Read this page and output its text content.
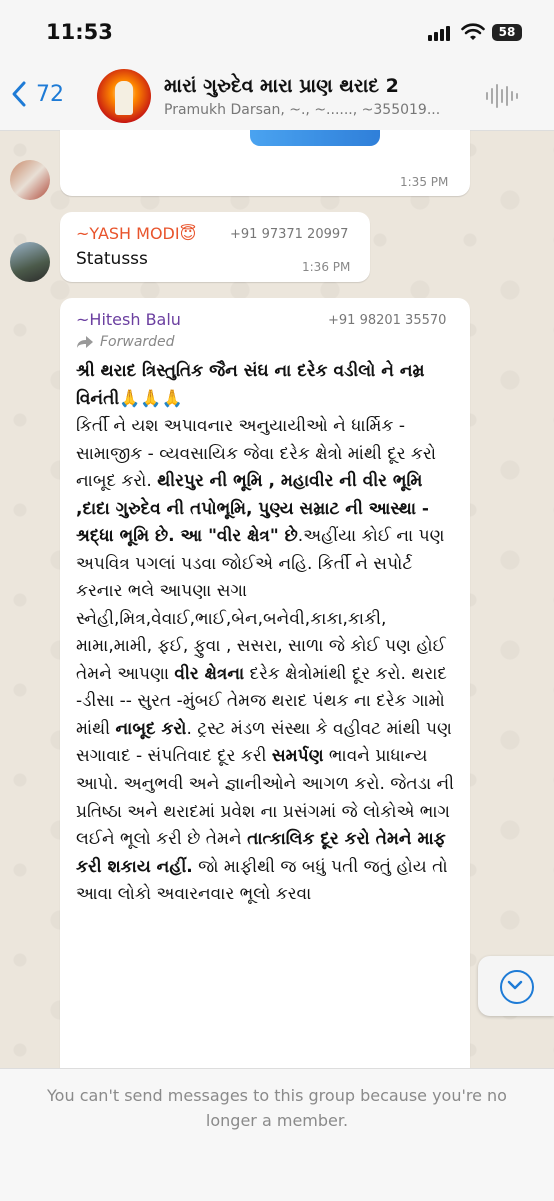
11:53	58
72	મારાં ગુરુદેવ મારા પ્રાણ થરાદ 2
Pramukh Darsan, ~., ~......, ~355019...
1:35 PM
~YASH MODI😇	+91 97371 20997
Statusss	1:36 PM
~Hitesh Balu	+91 98201 35570
Forwarded
શ્રી થરાદ ત્રિસ્તુતિક જૈન સંઘ ના દરેક વડીલો ને નમ્ર વિનંતી🙏🙏🙏
કિર્તી ને યશ અપાવનાર અનુયાયીઓ ને ધાર્મિક - સામાજીક - વ્યવસાયિક જેવા દરેક ક્ષેત્રો માંથી દૂર કરો નાબૂદ કરો. થીરપુર ની ભૂમિ , મહાવીર ની વીર ભૂમિ ,દાદા ગુરુદેવ ની તપોભૂમિ, પુણ્ય સમ્રાટ ની આસ્થા - શ્રદ્ધા ભૂમિ છે. આ "વીર ક્ષેત્ર" છે.અહીંયા કોઈ ના પણ અપવિત્ર પગલાં પડવા જોઈએ નહિ. કિર્તી ને સપોર્ટ કરનાર ભલે આપણા સગા
સ્નેહી,મિત્ર,વેવાઈ,ભાઈ,બેન,બનેવી,કાકા,કાકી, મામા,મામી, ફઈ, ફુવા , સસરા, સાળા જે કોઈ પણ હોઈ તેમને આપણા વીર ક્ષેત્રના દરેક ક્ષેત્રોમાંથી દૂર કરો. થરાદ -ડીસા -- સુરત -મુંબઈ તેમજ થરાદ પંથક ના દરેક ગામો માંથી નાબૂદ કરો. ટ્રસ્ટ મંડળ સંસ્થા કે વહીવટ માંથી પણ સગાવાદ - સંપતિવાદ દૂર કરી સમર્પણ ભાવને પ્રાધાન્ય આપો. અનુભવી અને જ્ઞાનીઓને આગળ કરો. જેતડા ની પ્રતિષ્ઠા અને થરાદમાં પ્રવેશ ના પ્રસંગમાં જે લોકોએ ભાગ લઈને ભૂલો કરી છે તેમને તાત્કાલિક દૂર કરો તેમને માફ કરી શકાય નહીં. જો માફીથી જ બધું પતી જતું હોય તો આવા લોકો અવારનવાર ભૂલો કરવા
You can't send messages to this group because you're no longer a member.
